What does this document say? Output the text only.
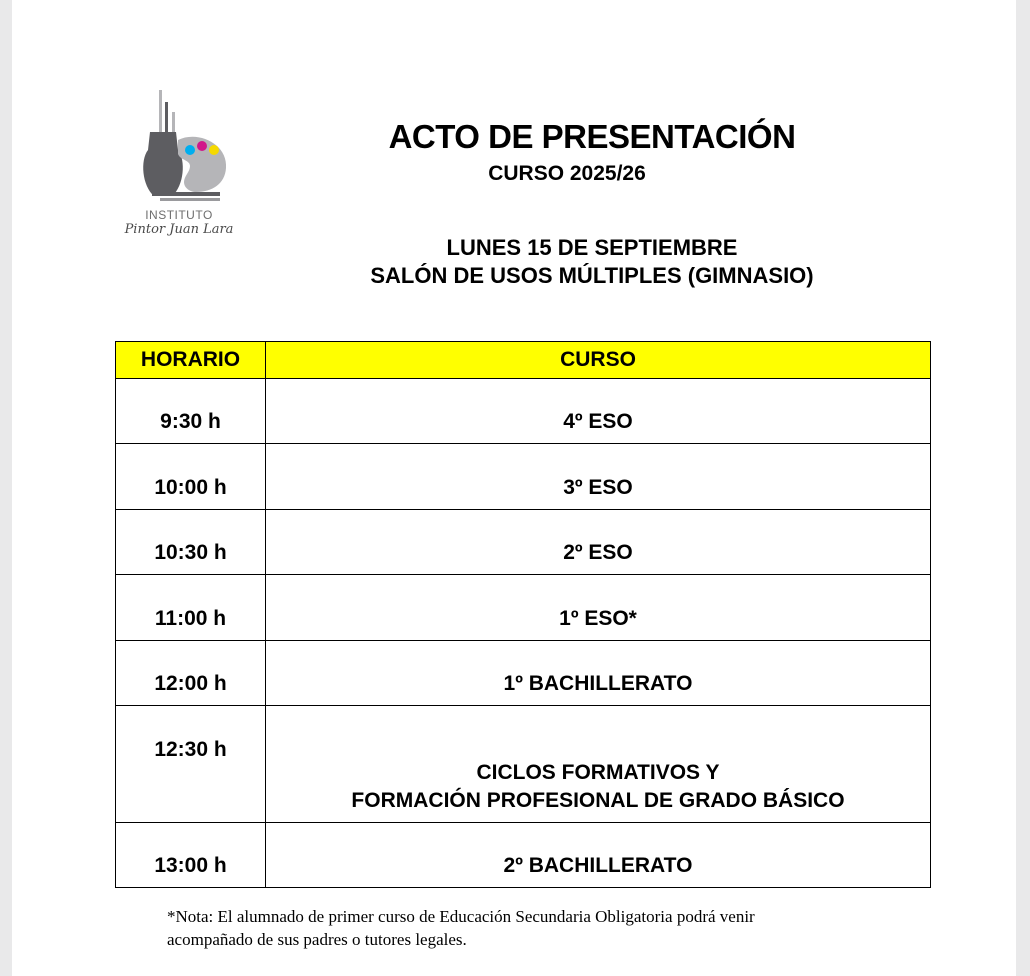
INSTITUTO
Pintor Juan Lara
ACTO DE PRESENTACIÓN
CURSO 2025/26
LUNES 15 DE SEPTIEMBRE
SALÓN DE USOS MÚLTIPLES (GIMNASIO)
HORARIO	CURSO
9:30 h	4º ESO
10:00 h	3º ESO
10:30 h	2º ESO
11:00 h	1º ESO*
12:00 h	1º BACHILLERATO
12:30 h	CICLOS FORMATIVOS Y
FORMACIÓN PROFESIONAL DE GRADO BÁSICO

13:00 h	2º BACHILLERATO
*Nota: El alumnado de primer curso de Educación Secundaria Obligatoria podrá venir
acompañado de sus padres o tutores legales.
